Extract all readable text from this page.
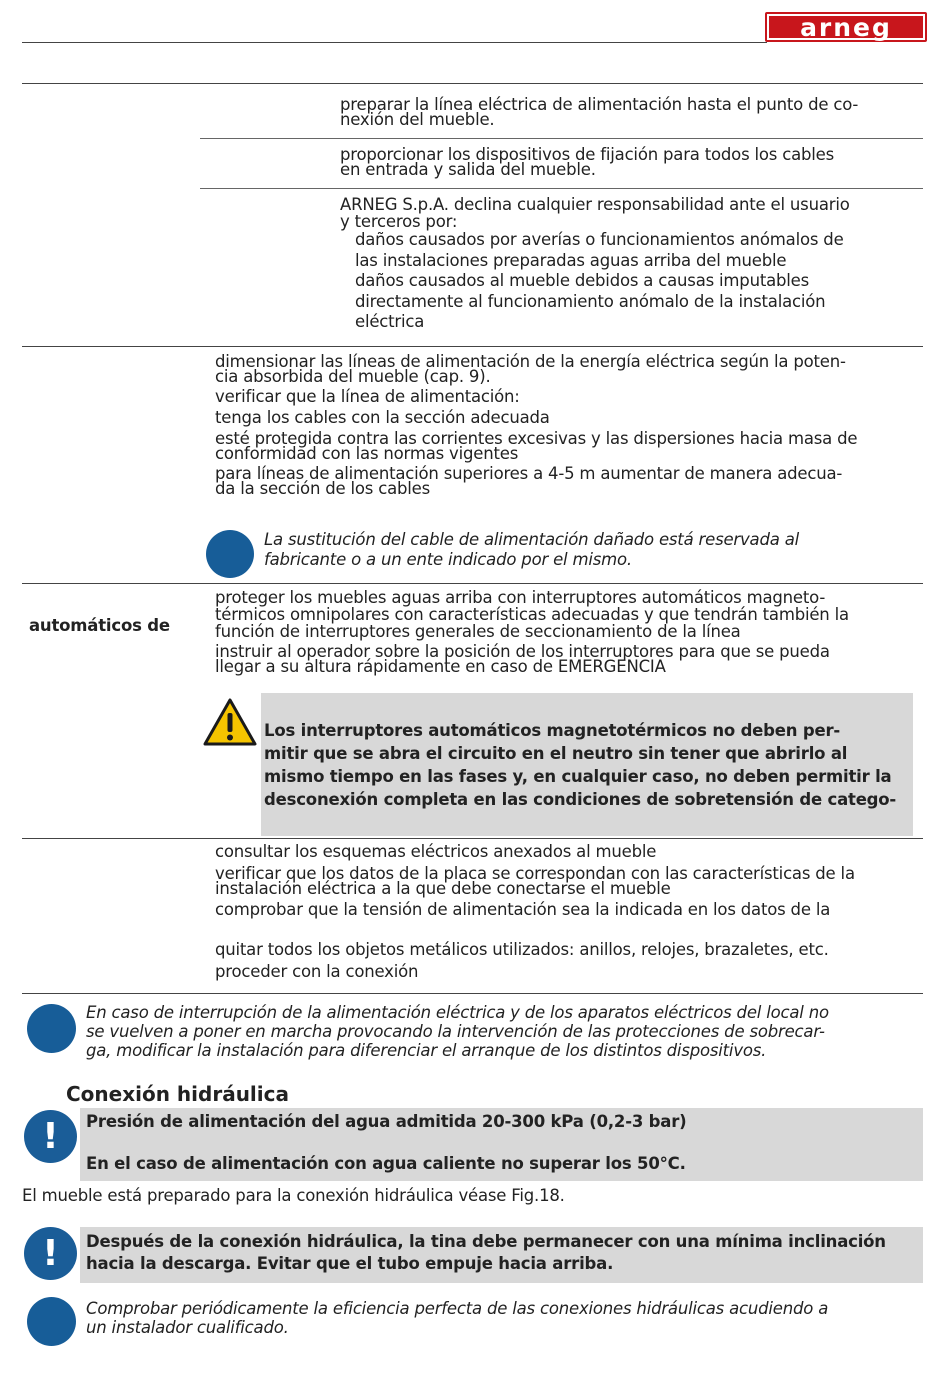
arneg
preparar la línea eléctrica de alimentación hasta el punto de co-
nexión del mueble.
proporcionar los dispositivos de fijación para todos los cables
en entrada y salida del mueble.
ARNEG S.p.A. declina cualquier responsabilidad ante el usuario
y terceros por:
daños causados por averías o funcionamientos anómalos de
las instalaciones preparadas aguas arriba del mueble
daños causados al mueble debidos a causas imputables
directamente al funcionamiento anómalo de la instalación
eléctrica
dimensionar las líneas de alimentación de la energía eléctrica según la poten-
cia absorbida del mueble (cap. 9).
verificar que la línea de alimentación:
tenga los cables con la sección adecuada
esté protegida contra las corrientes excesivas y las dispersiones hacia masa de
conformidad con las normas vigentes
para líneas de alimentación superiores a 4-5 m aumentar de manera adecua-
da la sección de los cables
La sustitución del cable de alimentación dañado está reservada al
fabricante o a un ente indicado por el mismo.
automáticos de
proteger los muebles aguas arriba con interruptores automáticos magneto-
térmicos omnipolares con características adecuadas y que tendrán también la
función de interruptores generales de seccionamiento de la línea
instruir al operador sobre la posición de los interruptores para que se pueda
llegar a su altura rápidamente en caso de EMERGENCIA
Los interruptores automáticos magnetotérmicos no deben per-
mitir que se abra el circuito en el neutro sin tener que abrirlo al
mismo tiempo en las fases y, en cualquier caso, no deben permitir la
desconexión completa en las condiciones de sobretensión de catego-
consultar los esquemas eléctricos anexados al mueble
verificar que los datos de la placa se correspondan con las características de la
instalación eléctrica a la que debe conectarse el mueble
comprobar que la tensión de alimentación sea la indicada en los datos de la
quitar todos los objetos metálicos utilizados: anillos, relojes, brazaletes, etc.
proceder con la conexión
En caso de interrupción de la alimentación eléctrica y de los aparatos eléctricos del local no
se vuelven a poner en marcha provocando la intervención de las protecciones de sobrecar-
ga, modificar la instalación para diferenciar el arranque de los distintos dispositivos.
Conexión hidráulica
!	Presión de alimentación del agua admitida 20-300 kPa (0,2-3 bar)
En el caso de alimentación con agua caliente no superar los 50°C.
El mueble está preparado para la conexión hidráulica véase Fig.18.
!	Después de la conexión hidráulica, la tina debe permanecer con una mínima inclinación
hacia la descarga. Evitar que el tubo empuje hacia arriba.
Comprobar periódicamente la eficiencia perfecta de las conexiones hidráulicas acudiendo a
un instalador cualificado.
